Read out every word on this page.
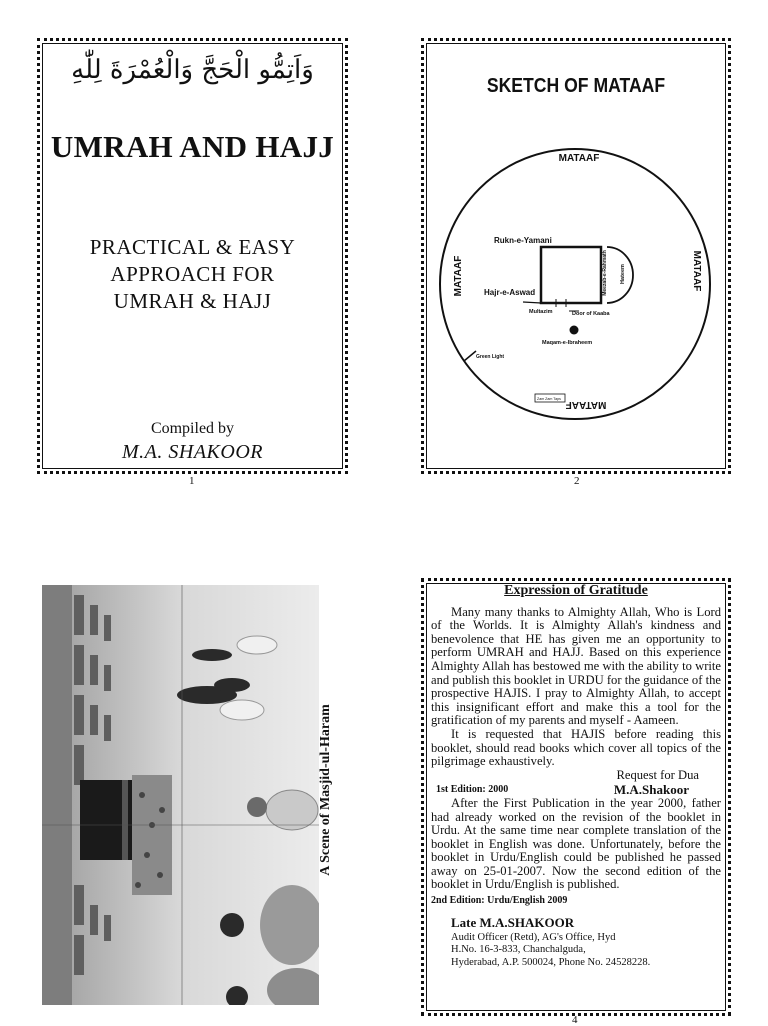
وَاَتِمُّو الْحَجَّ وَالْعُمْرَةَ لِلّٰهِ
UMRAH AND HAJJ
PRACTICAL & EASY
APPROACH FOR
UMRAH & HAJJ
Compiled by
M.A. SHAKOOR
1
SKETCH OF MATAAF
MATAAF
MATAAF	MATAAF
MATAAF
Rukn-e-Yamani
Hajr-e-Aswad
Multazim	Door of Kaaba
Meezab-e-Rahmath Hateem
Maqam-e-Ibraheem
Green Light
Zam Zam Taps
2
A Scene of Masjid-ul-Haram
Expression of Gratitude

Many many thanks to Almighty Allah, Who is Lord of the Worlds. It is Almighty Allah's kindness and benevolence that HE has given me an opportunity to perform UMRAH and HAJJ. Based on this experience Almighty Allah has bestowed me with the ability to write and publish this booklet in URDU for the guidance of the prospective HAJIS. I pray to Almighty Allah, to accept this insignificant effort and make this a tool for the gratification of my parents and myself - Aameen.

It is requested that HAJIS before reading this booklet, should read books which cover all topics of the pilgrimage exhaustively.

Request for Dua
1st Edition: 2000	M.A.Shakoor

After the First Publication in the year 2000, father had already worked on the revision of the booklet in Urdu. At the same time near complete translation of the booklet in English was done. Unfortunately, before the booklet in Urdu/English could be published he passed away on 25-01-2007. Now the second edition of the booklet in Urdu/English is published.

2nd Edition: Urdu/English 2009
Late M.A.SHAKOOR
Audit Officer (Retd), AG's Office, Hyd
H.No. 16-3-833, Chanchalguda,
Hyderabad, A.P. 500024, Phone No. 24528228.
4
